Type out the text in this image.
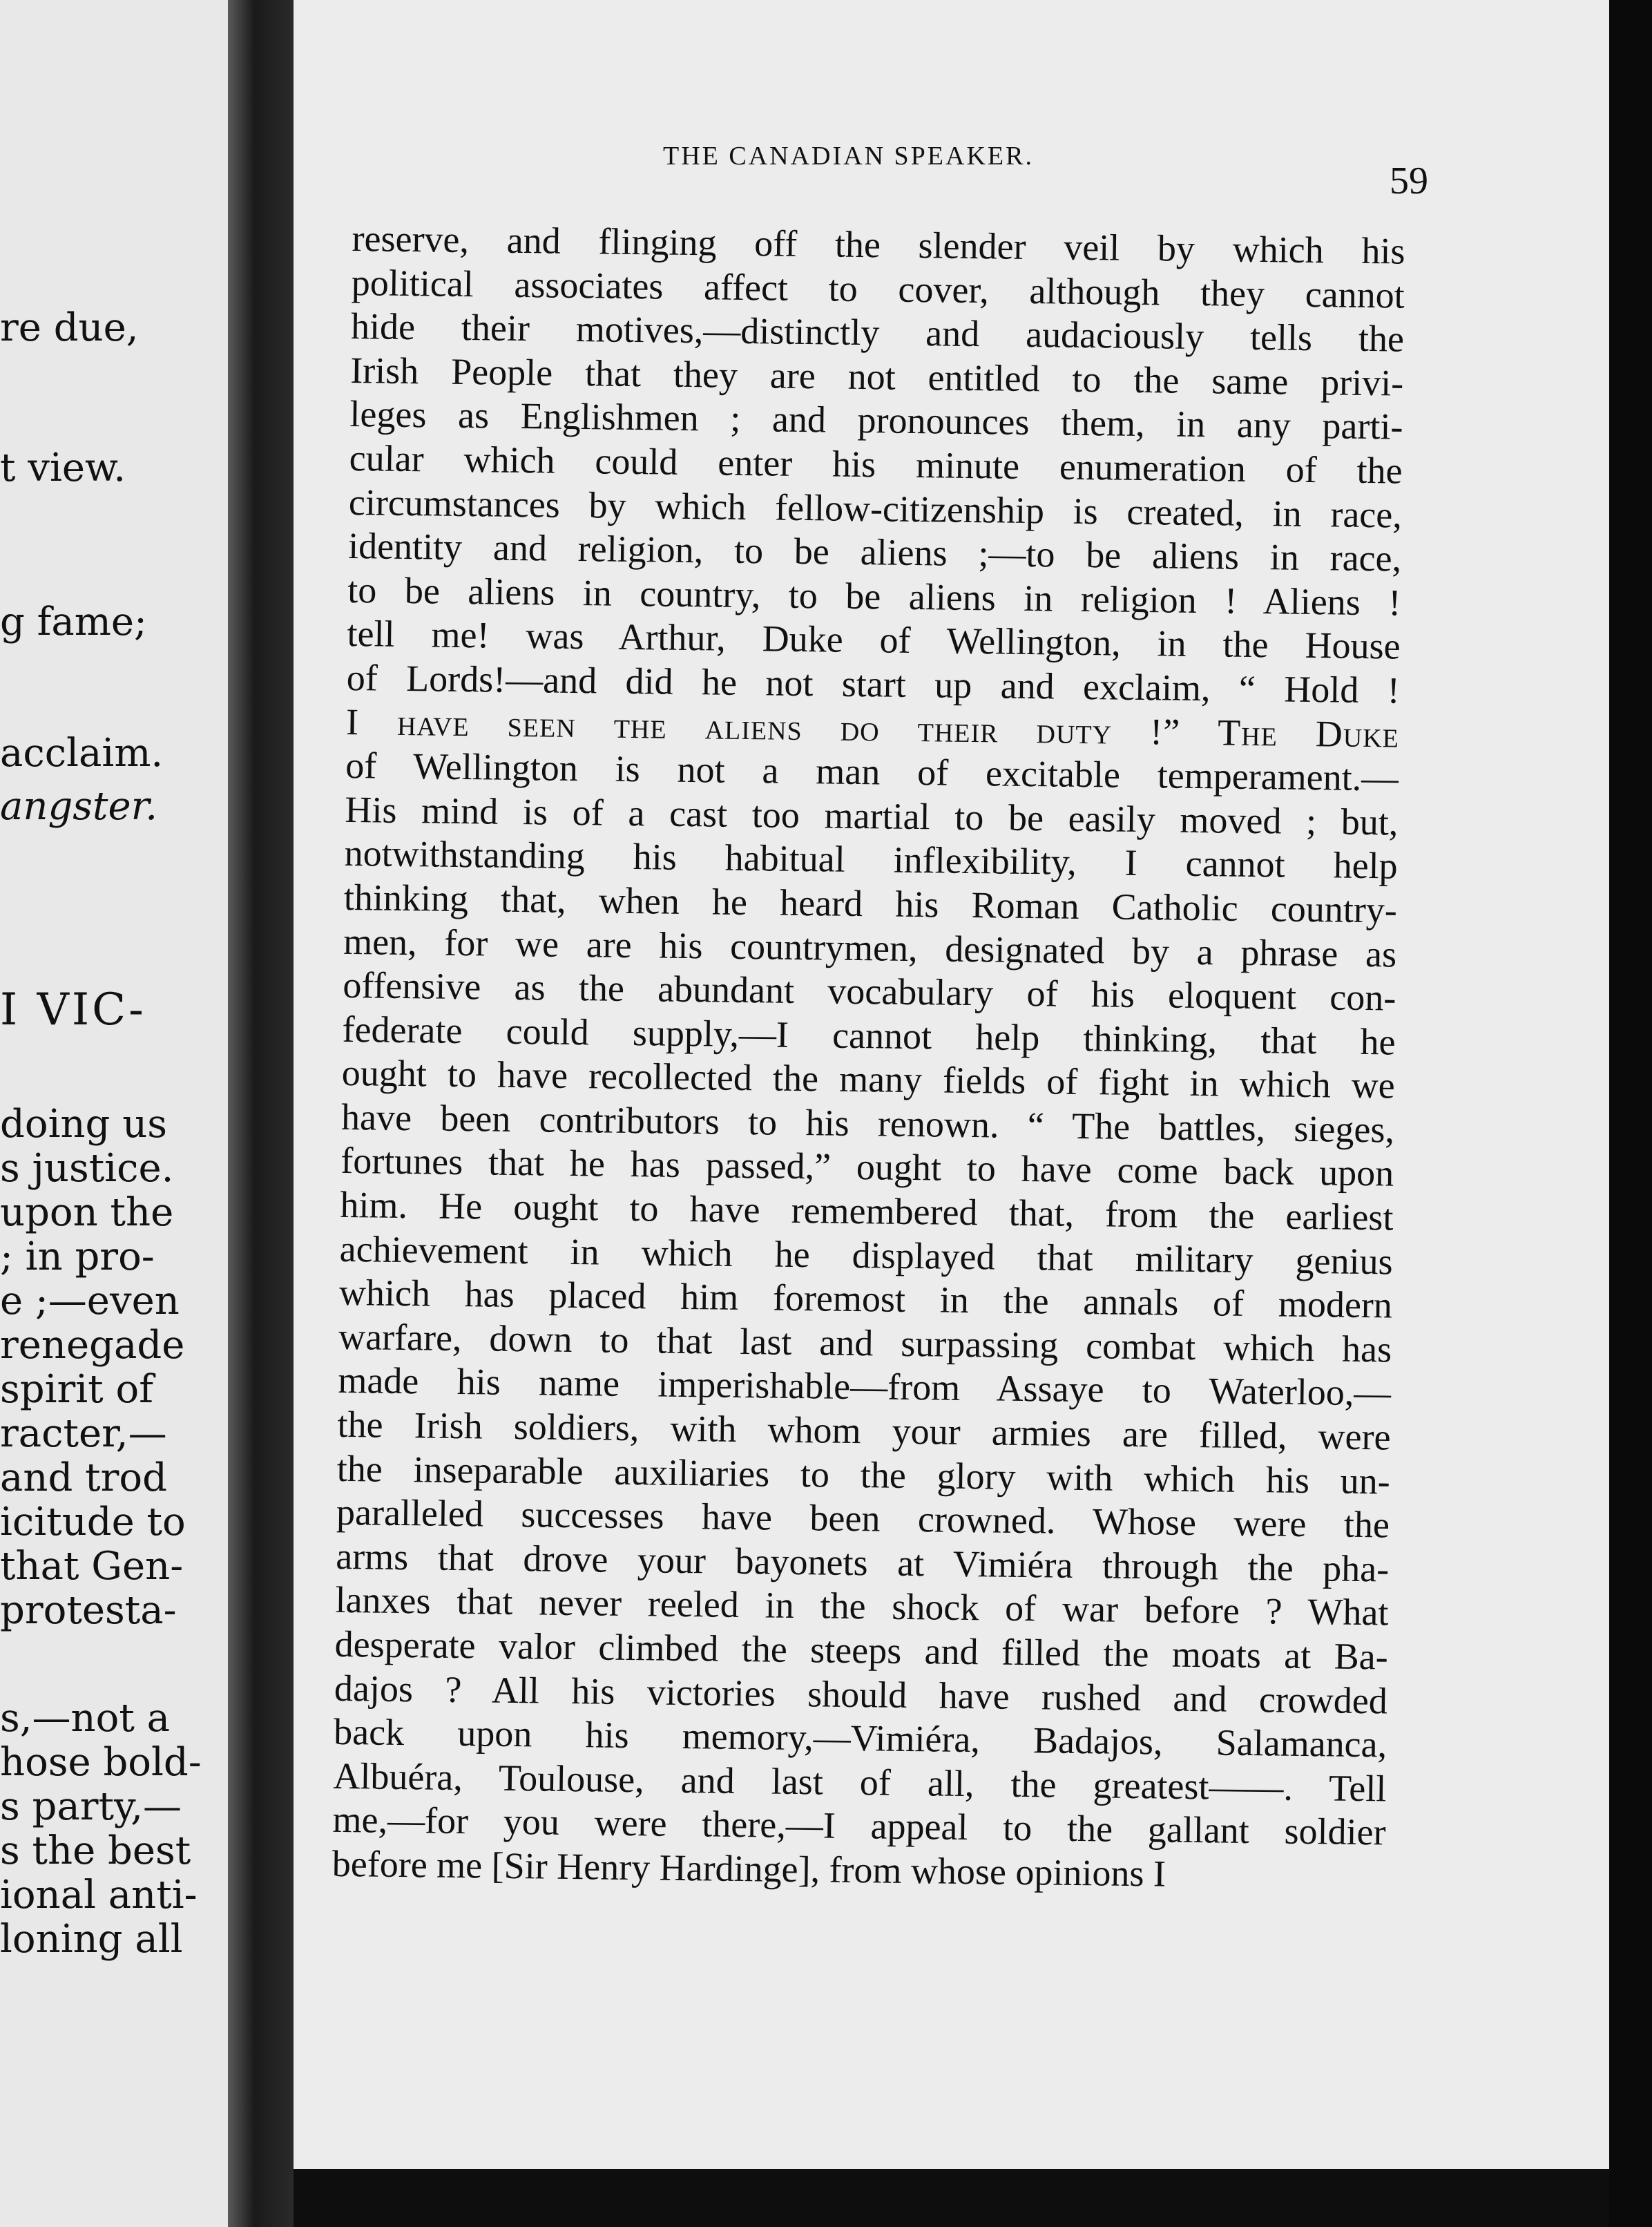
re due,
t view.
g fame;
acclaim.
angster.
I VIC-
doing us
s justice.
upon the
; in pro-
e ;—even
renegade
spirit of
racter,—
and trod
icitude to
that Gen-
protesta-
s,—not a
hose bold-
s party,—
s the best
ional anti-
loning all
THE CANADIAN SPEAKER.
59
reserve, and flinging off the slender veil by which his
political associates affect to cover, although they cannot
hide their motives,—distinctly and audaciously tells the
Irish People that they are not entitled to the same privi-
leges as Englishmen ; and pronounces them, in any parti-
cular which could enter his minute enumeration of the
circumstances by which fellow-citizenship is created, in race,
identity and religion, to be aliens ;—to be aliens in race,
to be aliens in country, to be aliens in religion ! Aliens !
tell me! was Arthur, Duke of Wellington, in the House
of Lords!—and did he not start up and exclaim, “ Hold !
I have seen the aliens do their duty !” The Duke
of Wellington is not a man of excitable temperament.—
His mind is of a cast too martial to be easily moved ; but,
notwithstanding his habitual inflexibility, I cannot help
thinking that, when he heard his Roman Catholic country-
men, for we are his countrymen, designated by a phrase as
offensive as the abundant vocabulary of his eloquent con-
federate could supply,—I cannot help thinking, that he
ought to have recollected the many fields of fight in which we
have been contributors to his renown. “ The battles, sieges,
fortunes that he has passed,” ought to have come back upon
him. He ought to have remembered that, from the earliest
achievement in which he displayed that military genius
which has placed him foremost in the annals of modern
warfare, down to that last and surpassing combat which has
made his name imperishable—from Assaye to Waterloo,—
the Irish soldiers, with whom your armies are filled, were
the inseparable auxiliaries to the glory with which his un-
paralleled successes have been crowned. Whose were the
arms that drove your bayonets at Vimiéra through the pha-
lanxes that never reeled in the shock of war before ? What
desperate valor climbed the steeps and filled the moats at Ba-
dajos ? All his victories should have rushed and crowded
back upon his memory,—Vimiéra, Badajos, Salamanca,
Albuéra, Toulouse, and last of all, the greatest——. Tell
me,—for you were there,—I appeal to the gallant soldier
before me [Sir Henry Hardinge], from whose opinions I
